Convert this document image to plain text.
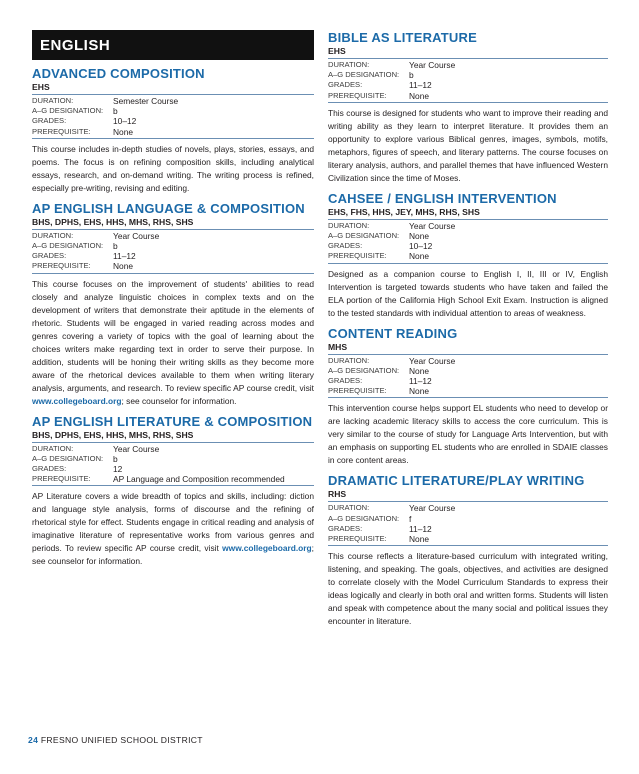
ENGLISH
ADVANCED COMPOSITION
EHS
DURATION:	Semester Course
A–G DESIGNATION:	b
GRADES:	10–12
PREREQUISITE:	None

This course includes in-depth studies of novels, plays, stories, essays, and poems. The focus is on refining composition skills, including analytical essays, research, and on-demand writing. The writing process is refined, especially pre-writing, revising and editing.

AP ENGLISH LANGUAGE & COMPOSITION
BHS, DPHS, EHS, HHS, MHS, RHS, SHS
DURATION:	Year Course
A–G DESIGNATION:	b
GRADES:	11–12
PREREQUISITE:	None

This course focuses on the improvement of students' abilities to read closely and analyze linguistic choices in complex texts and on the development of writers that demonstrate their aptitude in the elements of rhetoric. Students will be engaged in varied reading across modes and genres covering a variety of topics with the goal of learning about the choices writers make regarding text in order to serve their purpose. In addition, students will be honing their writing skills as they become more aware of the rhetorical devices available to them when writing literary analysis, arguments, and research. To review specific AP course credit, visit www.collegeboard.org; see counselor for information.

AP ENGLISH LITERATURE & COMPOSITION
BHS, DPHS, EHS, HHS, MHS, RHS, SHS
DURATION:	Year Course
A–G DESIGNATION:	b
GRADES:	12
PREREQUISITE:	AP Language and Composition recommended

AP Literature covers a wide breadth of topics and skills, including: diction and language style analysis, forms of discourse and the refining of rhetorical style for effect. Students engage in critical reading and analysis of imaginative literature of representative works from various genres and periods. To review specific AP course credit, visit www.collegeboard.org; see counselor for information.

BIBLE AS LITERATURE
EHS
DURATION:	Year Course
A–G DESIGNATION:	b
GRADES:	11–12
PREREQUISITE:	None

This course is designed for students who want to improve their reading and writing ability as they learn to interpret literature. It provides them an opportunity to explore various Biblical genres, images, symbols, motifs, metaphors, figures of speech, and literary patterns. The course focuses on literary analysis, authors, and parallel themes that have influenced Western Civilization since the time of Moses.

CAHSEE / ENGLISH INTERVENTION
EHS, FHS, HHS, JEY, MHS, RHS, SHS
DURATION:	Year Course
A–G DESIGNATION:	None
GRADES:	10–12
PREREQUISITE:	None

Designed as a companion course to English I, II, III or IV, English Intervention is targeted towards students who have taken and failed the ELA portion of the California High School Exit Exam. Instruction is aligned to the tested standards with individual attention to areas of weakness.

CONTENT READING
MHS
DURATION:	Year Course
A–G DESIGNATION:	None
GRADES:	11–12
PREREQUISITE:	None

This intervention course helps support EL students who need to develop or are lacking academic literacy skills to access the core curriculum. This is very similar to the course of study for Language Arts Intervention, but with an emphasis on supporting EL students who are enrolled in SDAIE classes in core content areas.

DRAMATIC LITERATURE/PLAY WRITING
RHS
DURATION:	Year Course
A–G DESIGNATION:	f
GRADES:	11–12
PREREQUISITE:	None

This course reflects a literature-based curriculum with integrated writing, listening, and speaking. The goals, objectives, and activities are designed to correlate closely with the Model Curriculum Standards to express their ideas logically and clearly in both oral and written forms. Students will listen and speak with competence about the many social and political issues they encounter in literature.

24 FRESNO UNIFIED SCHOOL DISTRICT
